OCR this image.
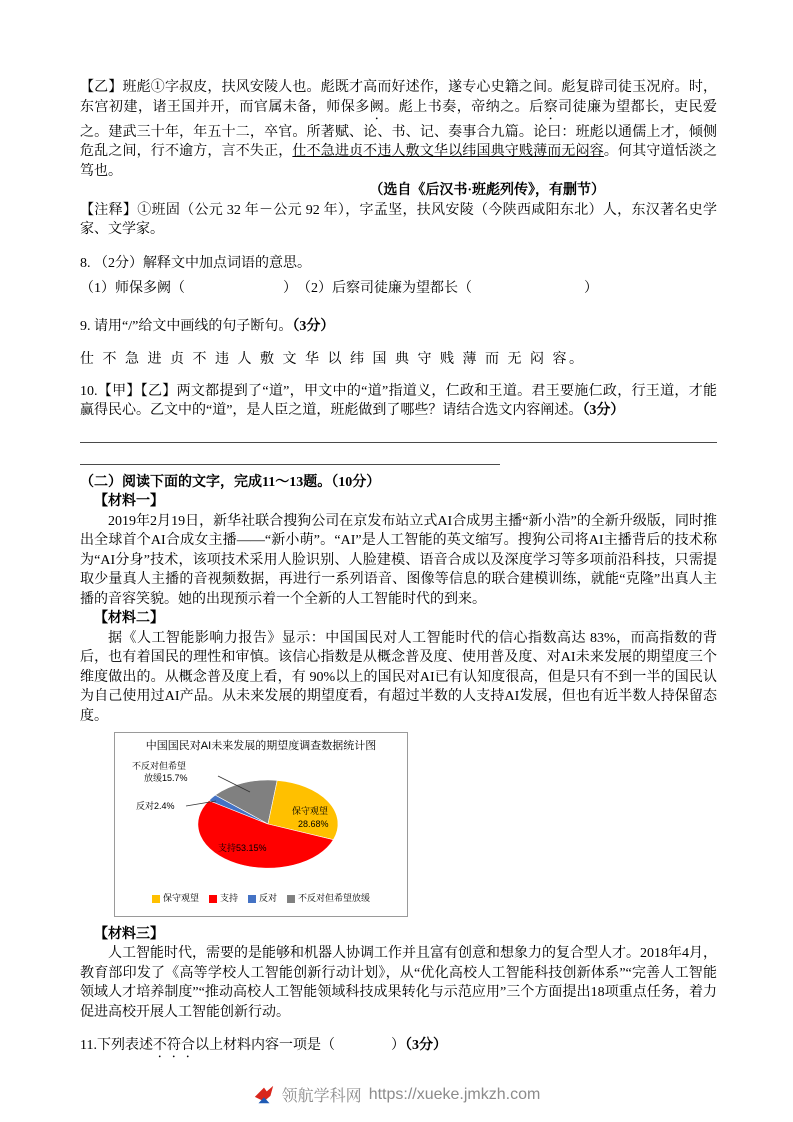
【乙】班彪①字叔皮，扶风安陵人也。彪既才高而好述作，遂专心史籍之间。彪复辟司徒玉况府。时，东宫初建，诸王国并开，而官属未备，师保多阙。彪上书奏，帝纳之。后察司徒廉为望都长，吏民爱之。建武三十年，年五十二，卒官。所著赋、论、书、记、奏事合九篇。论曰：班彪以通儒上才，倾侧危乱之间，行不逾方，言不失正，仕不急进贞不违人敷文华以纬国典守贱薄而无闷容。何其守道恬淡之笃也。

（选自《后汉书·班彪列传》，有删节）

【注释】①班固（公元 32 年－公元 92 年），字孟坚，扶风安陵（今陕西咸阳东北）人，东汉著名史学家、文学家。

8. （2分）解释文中加点词语的意思。

（1）师保多阙（　　　　　　　）　（2）后察司徒廉为望都长（　　　　　　　　）

9. 请用“/”给文中画线的句子断句。（3分）

仕 不 急 进 贞 不 违 人 敷 文 华 以 纬 国 典 守 贱 薄 而 无 闷 容。

10.【甲】【乙】两文都提到了“道”，甲文中的“道”指道义，仁政和王道。君王要施仁政，行王道，才能赢得民心。乙文中的“道”，是人臣之道，班彪做到了哪些？请结合选文内容阐述。（3分）

（二）阅读下面的文字，完成11～13题。（10分）

【材料一】

2019年2月19日，新华社联合搜狗公司在京发布站立式AI合成男主播“新小浩”的全新升级版，同时推出全球首个AI合成女主播——“新小萌”。“AI”是人工智能的英文缩写。搜狗公司将AI主播背后的技术称为“AI分身”技术，该项技术采用人脸识别、人脸建模、语音合成以及深度学习等多项前沿科技，只需提取少量真人主播的音视频数据，再进行一系列语音、图像等信息的联合建模训练，就能“克隆”出真人主播的音容笑貌。她的出现预示着一个全新的人工智能时代的到来。

【材料二】

据《人工智能影响力报告》显示：中国国民对人工智能时代的信心指数高达 83%，而高指数的背后，也有着国民的理性和审慎。该信心指数是从概念普及度、使用普及度、对AI未来发展的期望度三个维度做出的。从概念普及度上看，有 90%以上的国民对AI已有认知度很高，但是只有不到一半的国民认为自己使用过AI产品。从未来发展的期望度看，有超过半数的人支持AI发展，但也有近半数人持保留态度。

中国国民对AI未来发展的期望度调查数据统计图
不反对但希望
放缓15.7%
反对2.4%	保守观望
28.68%
支持53.15%
保守观望 支持 反对 不反对但希望放缓

【材料三】

人工智能时代，需要的是能够和机器人协调工作并且富有创意和想象力的复合型人才。2018年4月，教育部印发了《高等学校人工智能创新行动计划》，从“优化高校人工智能科技创新体系”“完善人工智能领域人才培养制度”“推动高校人工智能领域科技成果转化与示范应用”三个方面提出18项重点任务，着力促进高校开展人工智能创新行动。

11.下列表述不符合以上材料内容一项是（　　　　）（3分）

领航学科网 https://xueke.jmkzh.com
